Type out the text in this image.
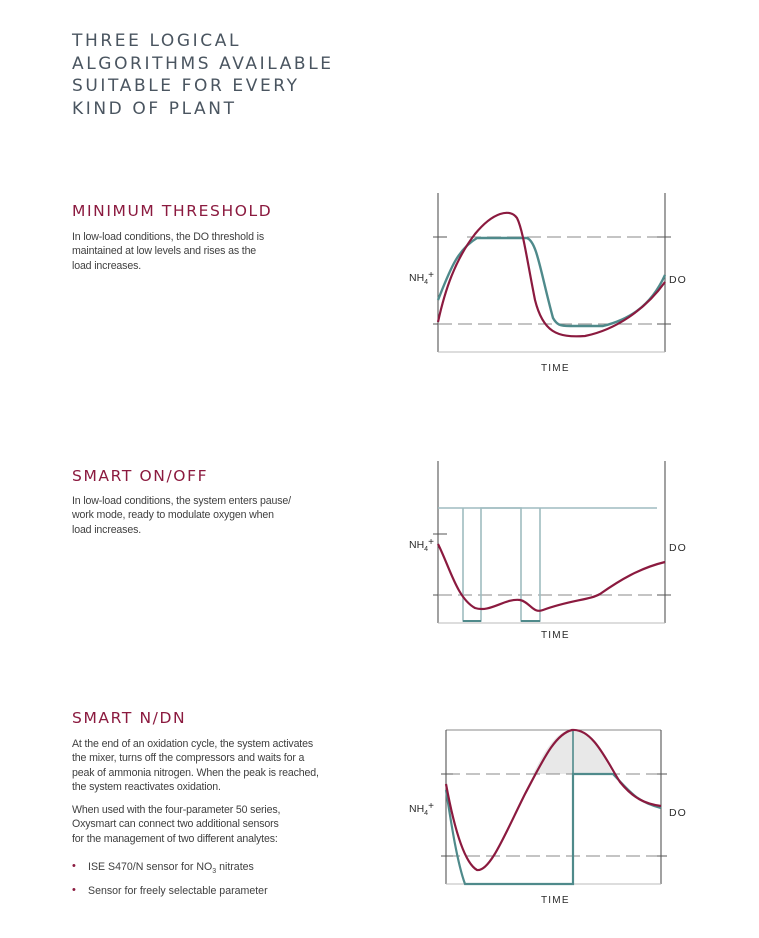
THREE LOGICAL
ALGORITHMS AVAILABLE
SUITABLE FOR EVERY
KIND OF PLANT
MINIMUM THRESHOLD

In low-load conditions, the DO threshold is
maintained at low levels and rises as the
load increases.

$NH_4+$	DO
TIME
SMART ON/OFF

In low-load conditions, the system enters pause/
work mode, ready to modulate oxygen when
load increases.

$NH_4+$	DO
TIME
SMART N/DN

At the end of an oxidation cycle, the system activates
the mixer, turns off the compressors and waits for a
peak of ammonia nitrogen. When the peak is reached,
the system reactivates oxidation.

When used with the four-parameter 50 series,
Oxysmart can connect two additional sensors
for the management of two different analytes:

• ISE S470/N sensor for $NO_3$ nitrates
• Sensor for freely selectable parameter
$NH_4+$
DO
TIME
